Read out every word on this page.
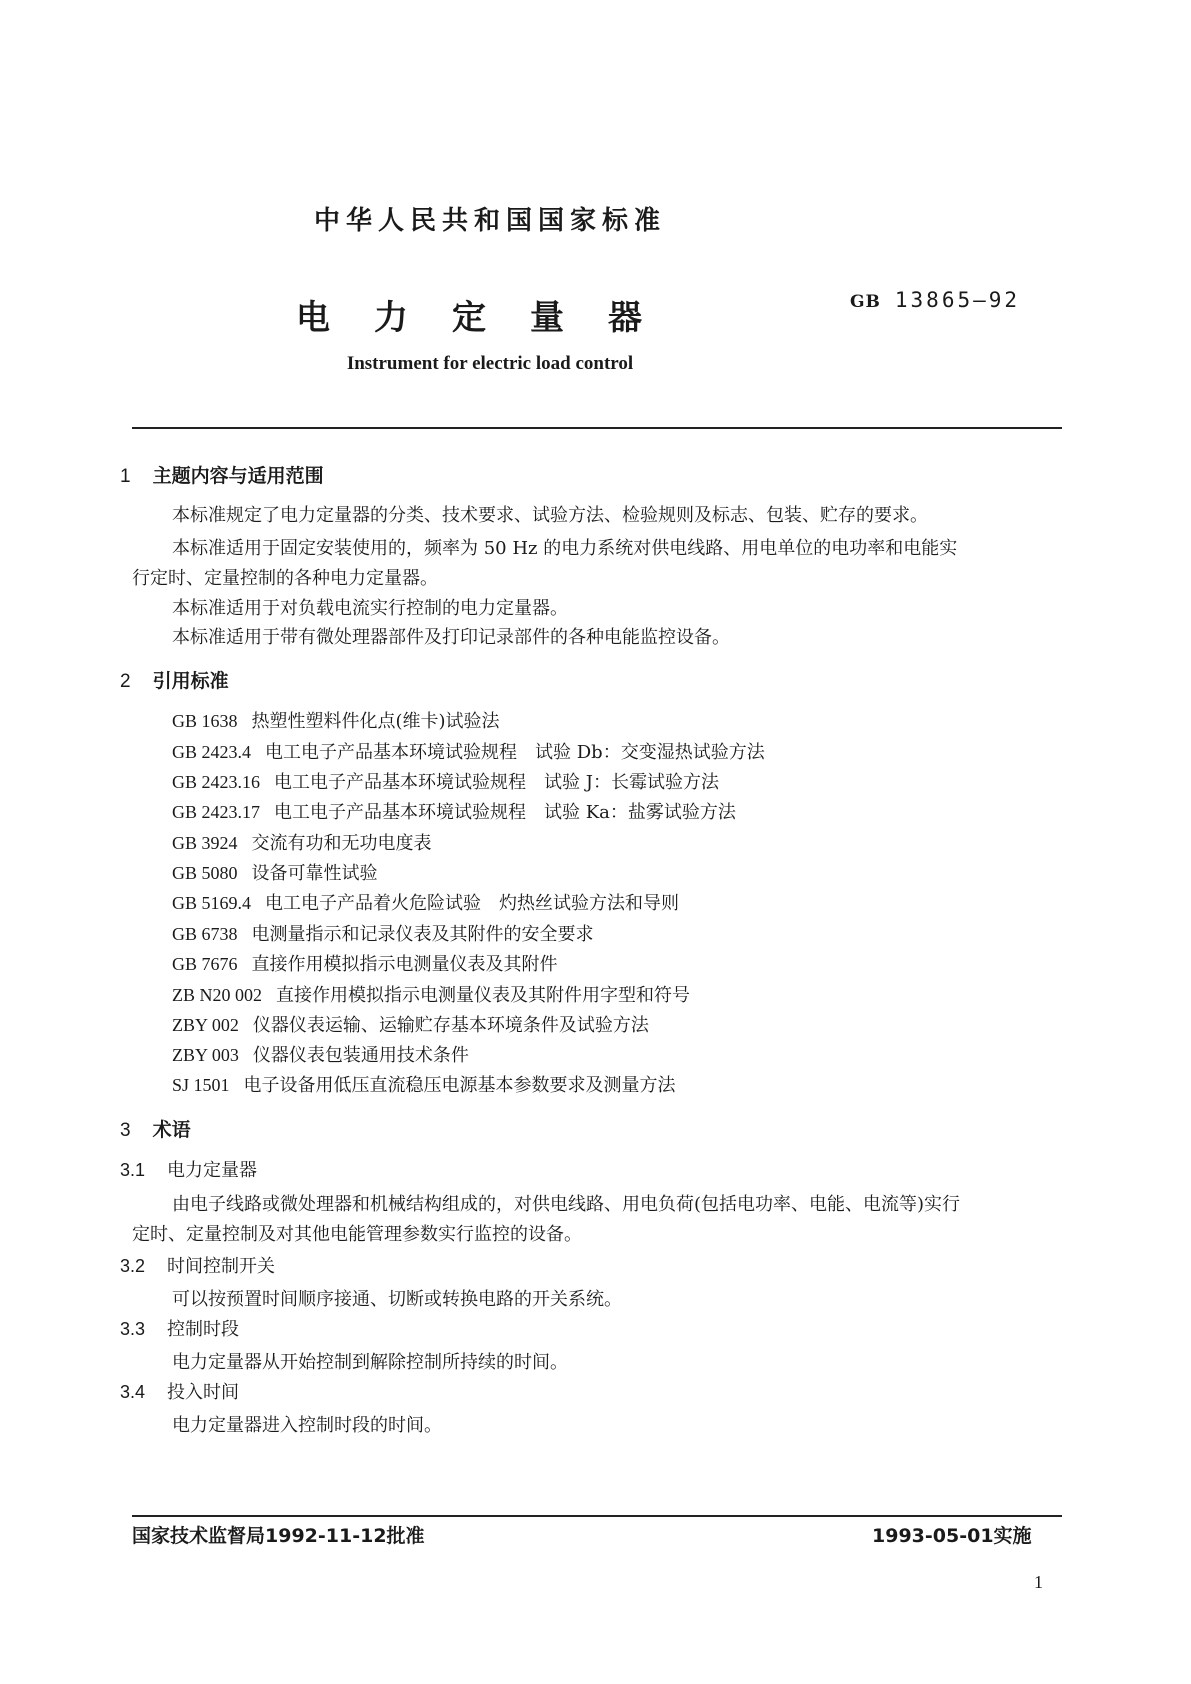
中华人民共和国国家标准
电力定量器	GB 13865—92
Instrument for electric load control
1 主题内容与适用范围
本标准规定了电力定量器的分类、技术要求、试验方法、检验规则及标志、包装、贮存的要求。
本标准适用于固定安装使用的，频率为 50 Hz 的电力系统对供电线路、用电单位的电功率和电能实
行定时、定量控制的各种电力定量器。
本标准适用于对负载电流实行控制的电力定量器。
本标准适用于带有微处理器部件及打印记录部件的各种电能监控设备。
2 引用标准
GB 1638 热塑性塑料件化点(维卡)试验法
GB 2423.4 电工电子产品基本环境试验规程　试验 Db：交变湿热试验方法
GB 2423.16 电工电子产品基本环境试验规程　试验 J：长霉试验方法
GB 2423.17 电工电子产品基本环境试验规程　试验 Ka：盐雾试验方法
GB 3924 交流有功和无功电度表
GB 5080 设备可靠性试验
GB 5169.4 电工电子产品着火危险试验　灼热丝试验方法和导则
GB 6738 电测量指示和记录仪表及其附件的安全要求
GB 7676 直接作用模拟指示电测量仪表及其附件
ZB N20 002 直接作用模拟指示电测量仪表及其附件用字型和符号
ZBY 002 仪器仪表运输、运输贮存基本环境条件及试验方法
ZBY 003 仪器仪表包装通用技术条件
SJ 1501 电子设备用低压直流稳压电源基本参数要求及测量方法
3 术语
3.1 电力定量器
由电子线路或微处理器和机械结构组成的，对供电线路、用电负荷(包括电功率、电能、电流等)实行
定时、定量控制及对其他电能管理参数实行监控的设备。
3.2 时间控制开关
可以按预置时间顺序接通、切断或转换电路的开关系统。
3.3 控制时段
电力定量器从开始控制到解除控制所持续的时间。
3.4 投入时间
电力定量器进入控制时段的时间。
国家技术监督局1992-11-12批准	1993-05-01实施
1
